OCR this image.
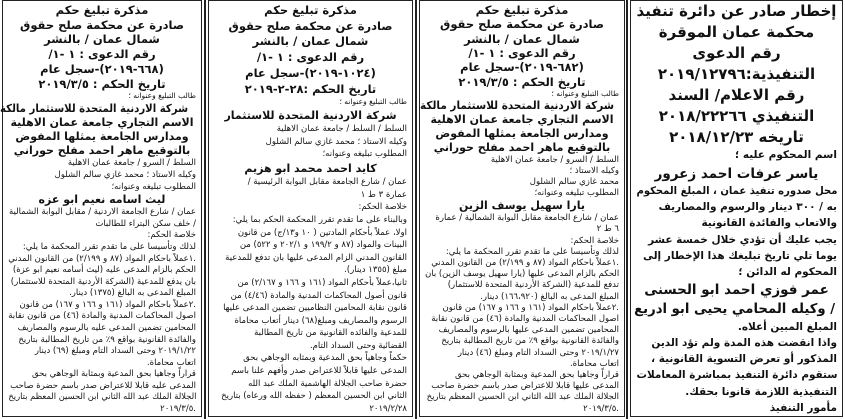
إخطار صادر عن دائرة تنفيذ
محكمة عمان الموقرة
رقم الدعوى
التنفيذية:٢٠١٩/١٢٧٩٦
رقم الاعلام/ السند
التنفيذي ٢٠١٨/٢٢٢٦٦
تاريخه ٢٠١٨/١٢/٢٣
اسم المحكوم عليه ؛
ياسر عرفات احمد زعرور
محل صدوره تنفيذ عمان ، المبلغ المحكوم
به / ٣٠٠ دينار والرسوم والمصاريف
والاتعاب والفائدة القانونية
يجب عليك أن تؤدي خلال خمسة عشر
يوما تلي تاريخ تبليغك هذا الإخطار إلى
المحكوم له الدائن ؛
عمر فوزي احمد ابو الحسنى
/ وكيله المحامي يحيى ابو ادريع
المبلغ المبين أعلاه.
واذا انقضت هذه المدة ولم تؤد الدين
المذكور أو تعرض التسوية القانونية ،
ستقوم دائرة التنفيذ بمباشرة المعاملات
التنفيذية اللازمة قانونا بحقك.
مأمور التنفيذ
مذكرة تبليغ حكم
صادرة عن محكمة صلح حقوق
شمال عمان / بالنشر
رقم الدعوى : ١ -١/
(٦٨٢-٢٠١٩)-سجل عام
تاريخ الحكم : ٢٠١٩/٣/٥
طالب التبليغ وعنوانه ؛
شركة الاردنية المتحدة للاستثمار مالكة
الاسم التجاري جامعة عمان الاهلية
ومدارس الجامعة يمثلها المفوض
بالتوقيع ماهر احمد مفلح حوراني
السلط / السرو / جامعة عمان الاهلية
وكيله الاستاذ ؛
محمد غازي سالم الشلول
المطلوب تبليغه وعنوانه؛
يارا سهيل يوسف الزين
عمان / شارع الجامعة مقابل البوابة الشمالية / عمارة
٦ ط ٢
خلاصة الحكم:
لذلك وتأسيسا على ما تقدم تقرر المحكمة ما يلي:
.١عملاً باحكام المواد (٨٧ و ٢/١٩٩) من القانون المدني
الحكم بالزام المدعى عليها (يارا سهيل يوسف الزين) بان
تدفع للمدعية (الشركة الأردنية المتحدة للاستثمار)
المبلغ المدعى به البالغ (١٦٦،٩٢٠) دينار.
.٢عملاً باحكام المواد (١٦١ و ١٦٦ و ١٦٧) من قانون
اصول المحاكمات المدنية والمادة (٤٦) من قانون نقابة
المحامين تضمين المدعى عليها بالرسوم والمصاريف
والفائدة القانونية بواقع ٩٪ من تاريخ المطالبة بتاريخ
٢٠١٩/١/٢٧ وحتى السداد التام ومبلغ (٤٦) دينار
اتعاب محاماة.
قراراً وجاهيا بحق المدعية وبمثابة الوجاهي بحق
المدعى عليها قابلا للاعتراض صدر باسم حضرة صاحب
الجلالة الملك عبد الله الثاني ابن الحسين المعظم بتاريخ
.٢٠١٩/٣/٥
مذكرة تبليغ حكم
صادرة عن محكمة صلح حقوق
شمال عمان / بالنشر
رقم الدعوى : ١ -١/
(١٠٢٤-٢٠١٩)-سجل عام
تاريخ الحكم :٢٨-٢-٢٠١٩
طالب التبليغ وعنوانه ؛
شركة الاردنية المتحدة للاستثمار
السلط / السلط / جامعة عمان الاهلية
وكيله الاستاذ ؛ محمد غازي سالم الشلول
المطلوب تبليغه وعنوانه؛
كايد احمد محمد ابو هزيم
عمان / شارع الجامعة مقابل البوابة الرئيسية /
عمارة ٣ ط ١
خلاصة الحكم:
وبالبناء على ما تقدم تقرر المحكمة الحكم بما يلي:
اولا، عملاً بأحكام المادتين ( ١٠ و١٣/ج) من قانون
البينات والمواد (٨٧ و ١٩٩/٢ و ٢٠٢/١ و ٥٢٢) من
القانون المدني الزام المدعى عليها بان تدفع للمدعية
مبلغ (١٣٥٥ دينار).
ثانيا،عملاً بأحكام المواد (١٦١ و ١٦٦ و ٢/١٦٧) من
قانون أصول المحاكمات المدنية والمادة (٤/٤٦) من
قانون نقابة المحامين النظاميين تضمين المدعى عليها
الرسوم والمصاريف ومبلغ(٦٨) دينار أتعاب محاماة
للمدعية والفائده القانونية من تاريخ المطالبة
القضائية وحتى السداد التام.
حكماً وجاهياً بحق المدعية وبمثابه الوجاهي بحق
المدعى عليها قابلاً للاعتراض صدر وأفهم علنا باسم
حضرة صاحب الجلالة الهاشمية الملك عبد الله
الثاني ابن الحسين المعظم ( حفظه الله ورعاه) بتاريخ
٢٠١٩/٢/٢٨
مذكرة تبليغ حكم
صادرة عن محكمة صلح حقوق
شمال عمان / بالنشر
رقم الدعوى : ١ -١/
(٦٦٨-٢٠١٩)-سجل عام
تاريخ الحكم : ٢٠١٩/٣/٥
طالب التبليغ وعنوانه ؛
شركة الاردنية المتحدة للاستثمار مالكة
الاسم التجاري جامعة عمان الاهلية
ومدارس الجامعة يمثلها المفوض
بالتوقيع ماهر احمد مفلح حوراني
السلط / السرو / جامعة عمان الاهلية
وكيله الاستاذ ؛ محمد غازي سالم الشلول
المطلوب تبليغه وعنوانه؛
ليث اسامه نعيم ابو عزه
عمان / شارع الجامعة الاردنية / مقابل البوابة الشمالية
/ خلف سكن البتراء للطالبات
خلاصة الحكم:
لذلك وتأسيسا على ما تقدم تقرر المحكمة ما يلي:
.١عملاً باحكام المواد (٨٧ و ٢/١٩٩) من القانون المدني
الحكم بالزام المدعى عليه (ليث أسامه نعيم ابو عزة)
بان يدفع للمدعية (الشركة الأردنية المتحدة للاستثمار)
المبلغ المدعى به البالغ (١٣٧٥) دينار.
.٢عملاً باحكام المواد (١٦١ و ١٦٦ و ١٦٧) من قانون
اصول المحاكمات المدنية والمادة (٤٦) من قانون نقابة
المحامين تضمين المدعى عليه بالرسوم والمصاريف
والفائدة القانونية بواقع ٩٪ من تاريخ المطالبة بتاريخ
٢٠١٩/١/٢٢ وحتى السداد التام ومبلغ (٦٩) دينار
اتعاب محاماة.
قراراً وجاهيا بحق المدعية وبمثابة الوجاهي بحق
المدعى عليه قابلا للاعتراض صدر باسم حضرة صاحب
الجلالة الملك عبد الله الثاني ابن الحسين المعظم بتاريخ
.٢٠١٩/٣/٥
